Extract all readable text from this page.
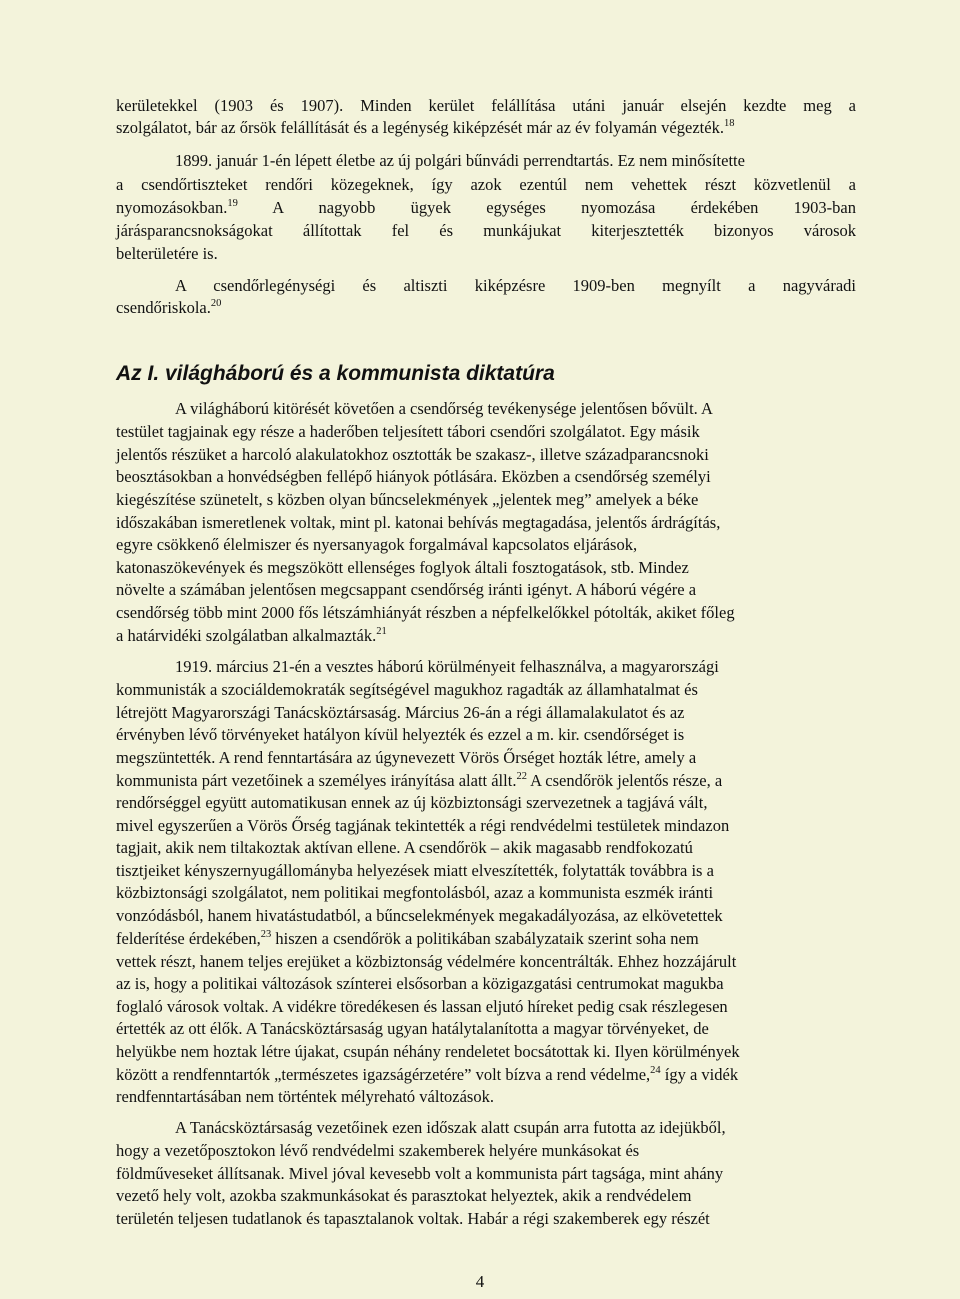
kerületekkel (1903 és 1907). Minden kerület felállítása utáni január elsején kezdte meg a
szolgálatot, bár az őrsök felállítását és a legénység kiképzését már az év folyamán végezték.$^{18}$
1899. január 1-én lépett életbe az új polgári bűnvádi perrendtartás. Ez nem minősítette
a csendőrtiszteket rendőri közegeknek, így azok ezentúl nem vehettek részt közvetlenül a
nyomozásokban.$^{19}$ A nagyobb ügyek egységes nyomozása érdekében 1903-ban
járásparancsnokságokat állítottak fel és munkájukat kiterjesztették bizonyos városok
belterületére is.
A csendőrlegénységi és altiszti kiképzésre 1909-ben megnyílt a nagyváradi
csendőriskola.$^{20}$
Az I. világháború és a kommunista diktatúra
A világháború kitörését követően a csendőrség tevékenysége jelentősen bővült. A
testület tagjainak egy része a haderőben teljesített tábori csendőri szolgálatot. Egy másik
jelentős részüket a harcoló alakulatokhoz osztották be szakasz-, illetve századparancsnoki
beosztásokban a honvédségben fellépő hiányok pótlására. Eközben a csendőrség személyi
kiegészítése szünetelt, s közben olyan bűncselekmények „jelentek meg” amelyek a béke
időszakában ismeretlenek voltak, mint pl. katonai behívás megtagadása, jelentős árdrágítás,
egyre csökkenő élelmiszer és nyersanyagok forgalmával kapcsolatos eljárások,
katonaszökevények és megszökött ellenséges foglyok általi fosztogatások, stb. Mindez
növelte a számában jelentősen megcsappant csendőrség iránti igényt. A háború végére a
csendőrség több mint 2000 fős létszámhiányát részben a népfelkelőkkel pótolták, akiket főleg
a határvidéki szolgálatban alkalmazták.$^{21}$
1919. március 21-én a vesztes háború körülményeit felhasználva, a magyarországi
kommunisták a szociáldemokraták segítségével magukhoz ragadták az államhatalmat és
létrejött Magyarországi Tanácsköztársaság. Március 26-án a régi államalakulatot és az
érvényben lévő törvényeket hatályon kívül helyezték és ezzel a m. kir. csendőrséget is
megszüntették. A rend fenntartására az úgynevezett Vörös Őrséget hozták létre, amely a
kommunista párt vezetőinek a személyes irányítása alatt állt.$^{22}$ A csendőrök jelentős része, a
rendőrséggel együtt automatikusan ennek az új közbiztonsági szervezetnek a tagjává vált,
mivel egyszerűen a Vörös Őrség tagjának tekintették a régi rendvédelmi testületek mindazon
tagjait, akik nem tiltakoztak aktívan ellene. A csendőrök – akik magasabb rendfokozatú
tisztjeiket kényszernyugállományba helyezések miatt elveszítették, folytatták továbbra is a
közbiztonsági szolgálatot, nem politikai megfontolásból, azaz a kommunista eszmék iránti
vonzódásból, hanem hivatástudatból, a bűncselekmények megakadályozása, az elkövetettek
felderítése érdekében,$^{23}$ hiszen a csendőrök a politikában szabályzataik szerint soha nem
vettek részt, hanem teljes erejüket a közbiztonság védelmére koncentrálták. Ehhez hozzájárult
az is, hogy a politikai változások színterei elsősorban a közigazgatási centrumokat magukba
foglaló városok voltak. A vidékre töredékesen és lassan eljutó híreket pedig csak részlegesen
értették az ott élők. A Tanácsköztársaság ugyan hatálytalanította a magyar törvényeket, de
helyükbe nem hoztak létre újakat, csupán néhány rendeletet bocsátottak ki. Ilyen körülmények
között a rendfenntartók „természetes igazságérzetére” volt bízva a rend védelme,$^{24}$ így a vidék
rendfenntartásában nem történtek mélyreható változások.
A Tanácsköztársaság vezetőinek ezen időszak alatt csupán arra futotta az idejükből,
hogy a vezetőposztokon lévő rendvédelmi szakemberek helyére munkásokat és
földműveseket állítsanak. Mivel jóval kevesebb volt a kommunista párt tagsága, mint ahány
vezető hely volt, azokba szakmunkásokat és parasztokat helyeztek, akik a rendvédelem
területén teljesen tudatlanok és tapasztalanok voltak. Habár a régi szakemberek egy részét
4
